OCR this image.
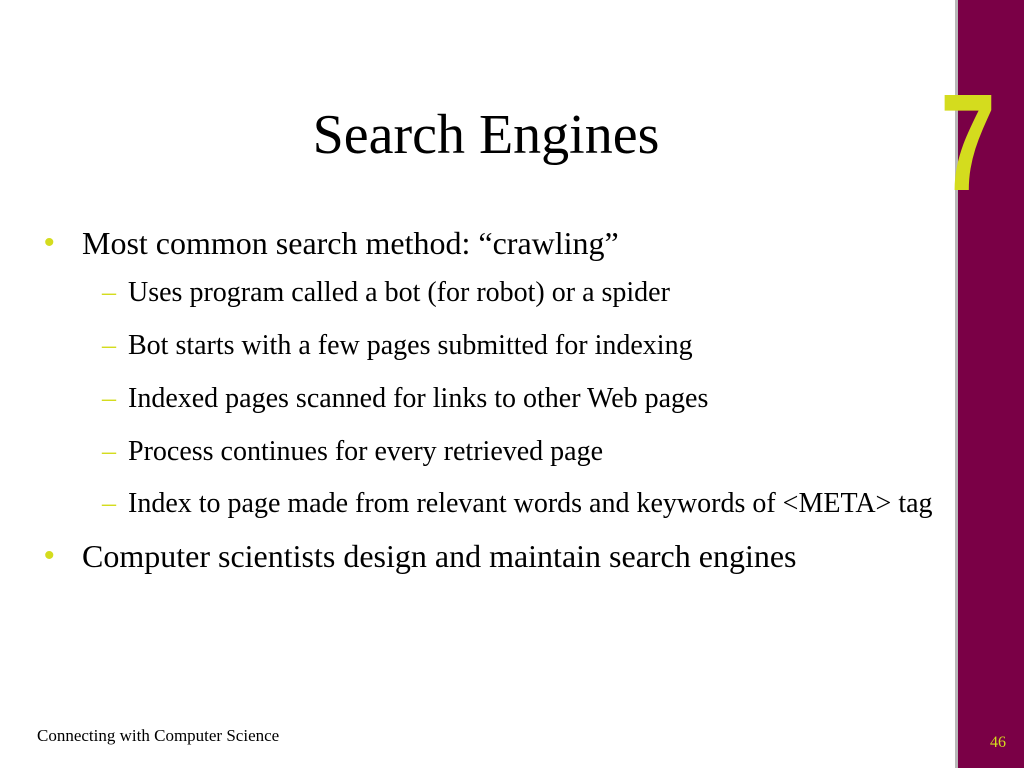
7
Search Engines
• Most common search method: “crawling”
– Uses program called a bot (for robot) or a spider
– Bot starts with a few pages submitted for indexing
– Indexed pages scanned for links to other Web pages
– Process continues for every retrieved page
– Index to page made from relevant words and keywords of <META> tag
• Computer scientists design and maintain search engines
Connecting with Computer Science	46
